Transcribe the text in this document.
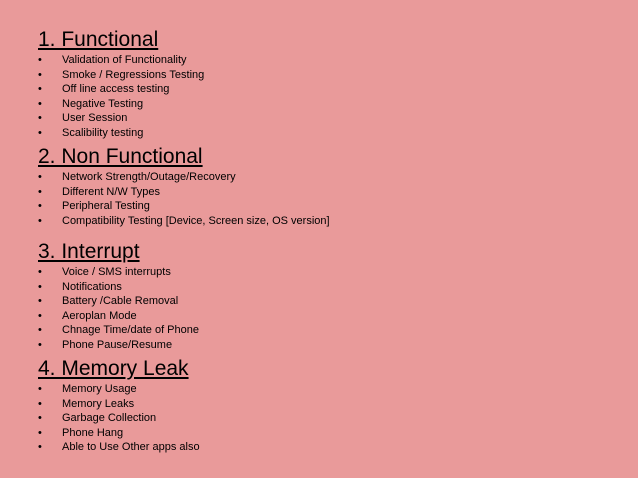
1. Functional
• Validation of Functionality
• Smoke / Regressions Testing
• Off line access testing
• Negative Testing
• User Session
• Scalibility testing
2. Non Functional
• Network Strength/Outage/Recovery
• Different N/W Types
• Peripheral Testing
• Compatibility Testing [Device, Screen size, OS version]
3. Interrupt
• Voice / SMS interrupts
• Notifications
• Battery /Cable Removal
• Aeroplan Mode
• Chnage Time/date of Phone
• Phone Pause/Resume
4. Memory Leak
• Memory Usage
• Memory Leaks
• Garbage Collection
• Phone Hang
• Able to Use Other apps also
